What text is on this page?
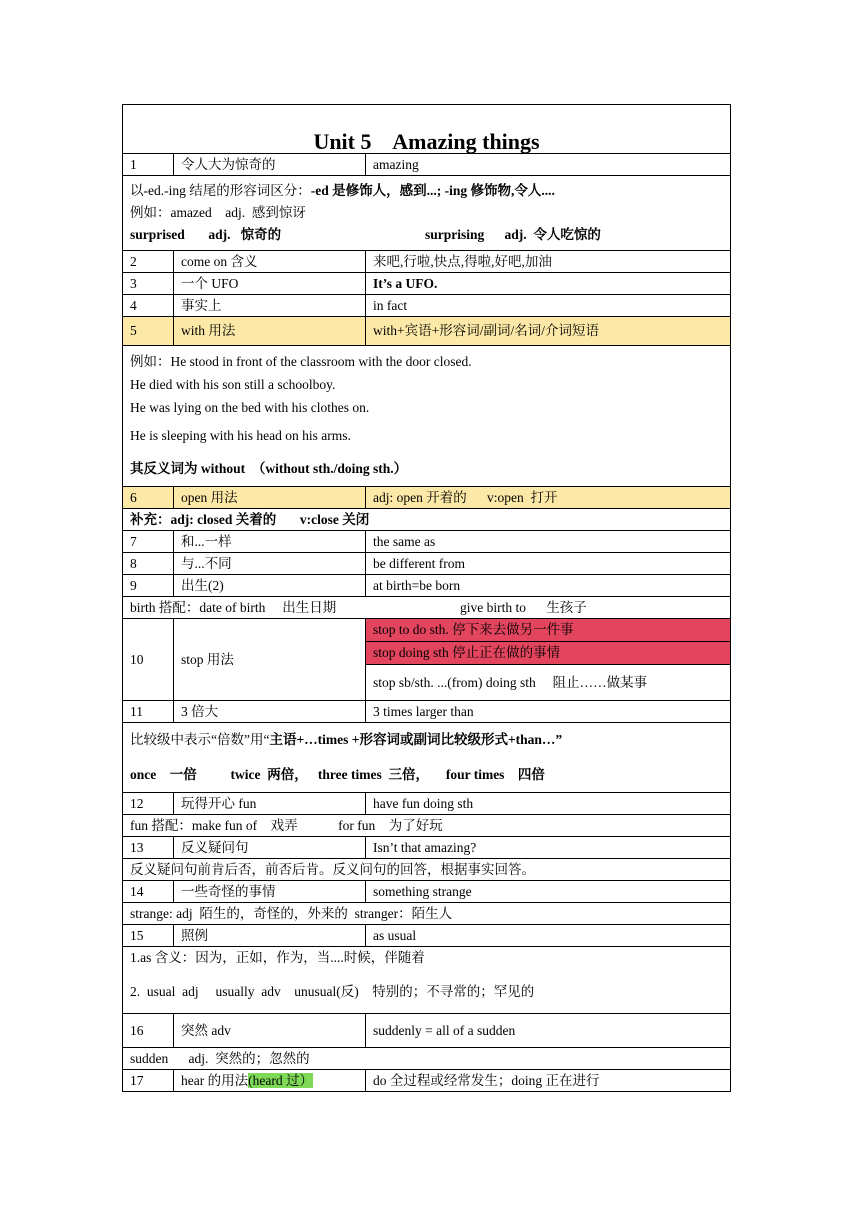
Unit 5    Amazing things		
1	令人大为惊奇的	amazing

以-ed.-ing 结尾的形容词区分：-ed 是修饰人，感到...; -ing 修饰物,令人....
例如：amazed    adj.  感到惊讶
surprised       adj.   惊奇的 surprising      adj.  令人吃惊的		

2	come on 含义	来吧,行啦,快点,得啦,好吧,加油
3	一个 UFO	It’s a UFO.
4	事实上	in fact
5	with 用法	with+宾语+形容词/副词/名词/介词短语

例如：He stood in front of the classroom with the door closed.
He died with his son still a schoolboy.
He was lying on the bed with his clothes on.
He is sleeping with his head on his arms.
其反义词为 without  （without sth./doing sth.）		

6	open 用法	adj: open 开着的      v:open  打开
补充：adj: closed 关着的       v:close 关闭		
7	和...一样	the same as
8	与...不同	be different from
9	出生(2)	at birth=be born
birth 搭配：date of birth     出生日期 give birth to      生孩子		
10	stop 用法	stop to do sth. 停下来去做另一件事
stop doing sth 停止正在做的事情
stop sb/sth. ...(from) doing sth     阻止……做某事

11	3 倍大	3 times larger than

比较级中表示“倍数”用“主语+…times +形容词或副词比较级形式+than…”
once    一倍          twice  两倍，   three times  三倍，     four times    四倍		

12	玩得开心 fun	have fun doing sth
fun 搭配：make fun of    戏弄            for fun    为了好玩		
13	反义疑问句	Isn’t that amazing?
反义疑问句前肯后否，前否后肯。反义问句的回答，根据事实回答。		
14	一些奇怪的事情	something strange
strange: adj  陌生的，奇怪的，外来的  stranger：陌生人		
15	照例	as usual

1.as 含义：因为，正如，作为，当....时候，伴随着
2.  usual  adj     usually  adv    unusual(反)    特别的；不寻常的；罕见的		

16	突然 adv	suddenly = all of a sudden
sudden      adj.  突然的；忽然的		
17	hear 的用法(heard 过）	do 全过程或经常发生；doing 正在进行
